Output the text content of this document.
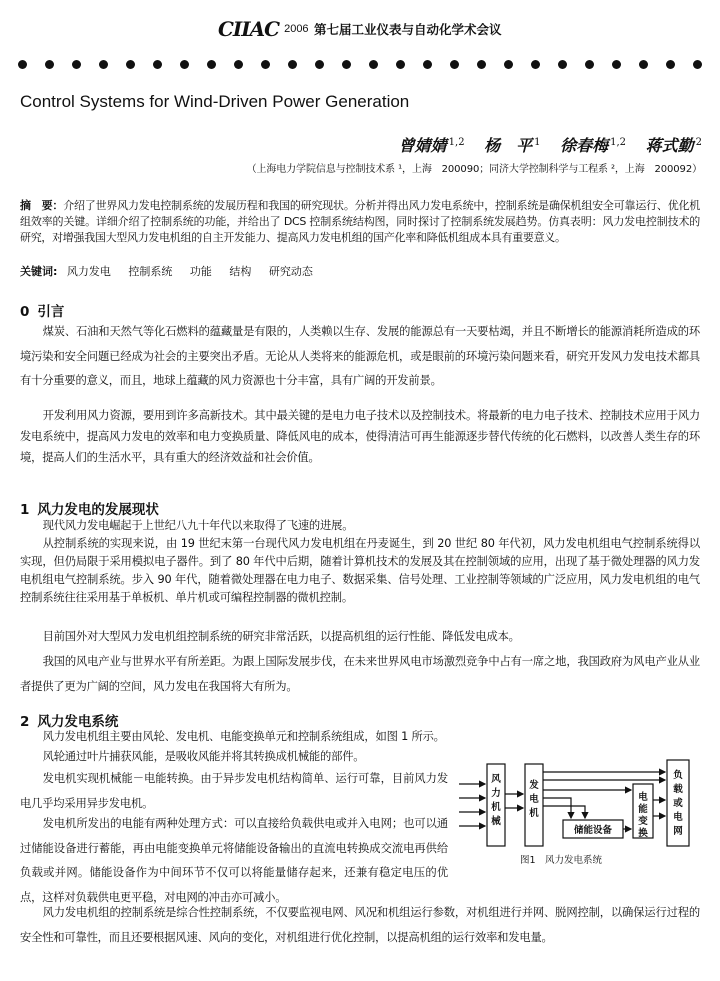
CIIAC 2006 第七届工业仪表与自动化学术会议
Control Systems for Wind-Driven Power Generation
曾婧婧 $^{1,2}$ 杨　平 $^1$ 徐春梅 $^{1,2}$ 蒋式勤 $^2$
（上海电力学院信息与控制技术系 ¹，上海　200090；同济大学控制科学与工程系 ²，上海　200092）
摘　要：介绍了世界风力发电控制系统的发展历程和我国的研究现状。分析并得出风力发电系统中，控制系统是确保机组安全可靠运行、优化机组效率的关键。详细介绍了控制系统的功能，并给出了 DCS 控制系统结构图，同时探讨了控制系统发展趋势。仿真表明：风力发电控制技术的研究，对增强我国大型风力发电机组的自主开发能力、提高风力发电机组的国产化率和降低机组成本具有重要意义。
关键词: 风力发电 控制系统 功能 结构 研究动态
0 引言

煤炭、石油和天然气等化石燃料的蕴藏量是有限的，人类赖以生存、发展的能源总有一天要枯竭，并且不断增长的能源消耗所造成的环境污染和安全问题已经成为社会的主要突出矛盾。无论从人类将来的能源危机，或是眼前的环境污染问题来看，研究开发风力发电技术都具有十分重要的意义，而且，地球上蕴藏的风力资源也十分丰富，具有广阔的开发前景。

开发利用风力资源，要用到许多高新技术。其中最关键的是电力电子技术以及控制技术。将最新的电力电子技术、控制技术应用于风力发电系统中，提高风力发电的效率和电力变换质量、降低风电的成本，使得清洁可再生能源逐步替代传统的化石燃料，以改善人类生存的环境，提高人们的生活水平，具有重大的经济效益和社会价值。

1 风力发电的发展现状

现代风力发电崛起于上世纪八九十年代以来取得了飞速的进展。

从控制系统的实现来说，由 19 世纪末第一台现代风力发电机组在丹麦诞生，到 20 世纪 80 年代初，风力发电机组电气控制系统得以实现，但仍局限于采用模拟电子器件。到了 80 年代中后期，随着计算机技术的发展及其在控制领域的应用，出现了基于微处理器的风力发电机组电气控制系统。步入 90 年代，随着微处理器在电力电子、数据采集、信号处理、工业控制等领域的广泛应用，风力发电机组的电气控制系统往往采用基于单板机、单片机或可编程控制器的微机控制。

目前国外对大型风力发电机组控制系统的研究非常活跃，以提高机组的运行性能、降低发电成本。

我国的风电产业与世界水平有所差距。为跟上国际发展步伐，在未来世界风电市场激烈竞争中占有一席之地，我国政府为风电产业从业者提供了更为广阔的空间，风力发电在我国将大有所为。

2 风力发电系统

风力发电机组主要由风轮、发电机、电能变换单元和控制系统组成，如图 1 所示。

风轮通过叶片捕获风能，是吸收风能并将其转换成机械能的部件。

发电机实现机械能－电能转换。由于异步发电机结构简单、运行可靠，目前风力发电几乎均采用异步发电机。

发电机所发出的电能有两种处理方式：可以直接给负载供电或并入电网；也可以通过储能设备进行蓄能，再由电能变换单元将储能设备输出的直流电转换成交流电再供给负载或并网。储能设备作为中间环节不仅可以将能量储存起来，还兼有稳定电压的优点，这样对负载供电更平稳，对电网的冲击亦可减小。

风力发电机组的控制系统是综合性控制系统，不仅要监视电网、风况和机组运行参数，对机组进行并网、脱网控制，以确保运行过程的安全性和可靠性，而且还要根据风速、风向的变化，对机组进行优化控制，以提高机组的运行效率和发电量。

风力机械
发电机
储能设备
电能变换
负载或电网
图1　风力发电系统
